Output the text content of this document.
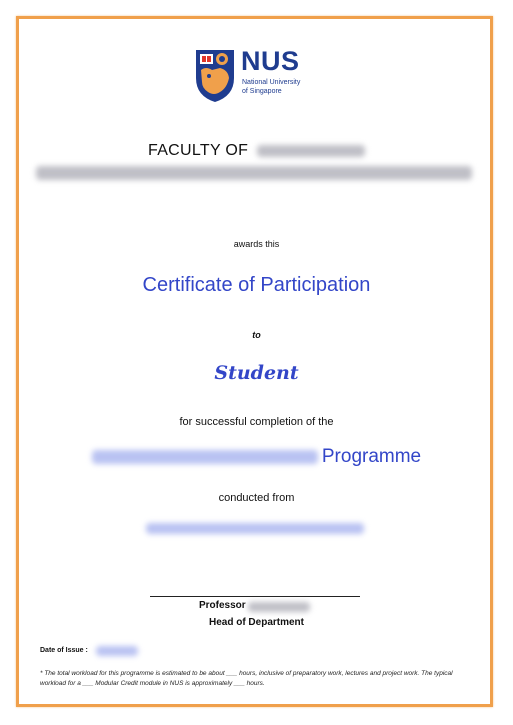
NUS
National University
of Singapore
FACULTY OF
awards this
Certificate of Participation
to
Student
for successful completion of the
Programme
conducted from
Professor
Head of Department
Date of Issue :
* The total workload for this programme is estimated to be about ___ hours, inclusive of preparatory work, lectures and project work. The typical workload for a ___ Modular Credit module in NUS is approximately ___ hours.
